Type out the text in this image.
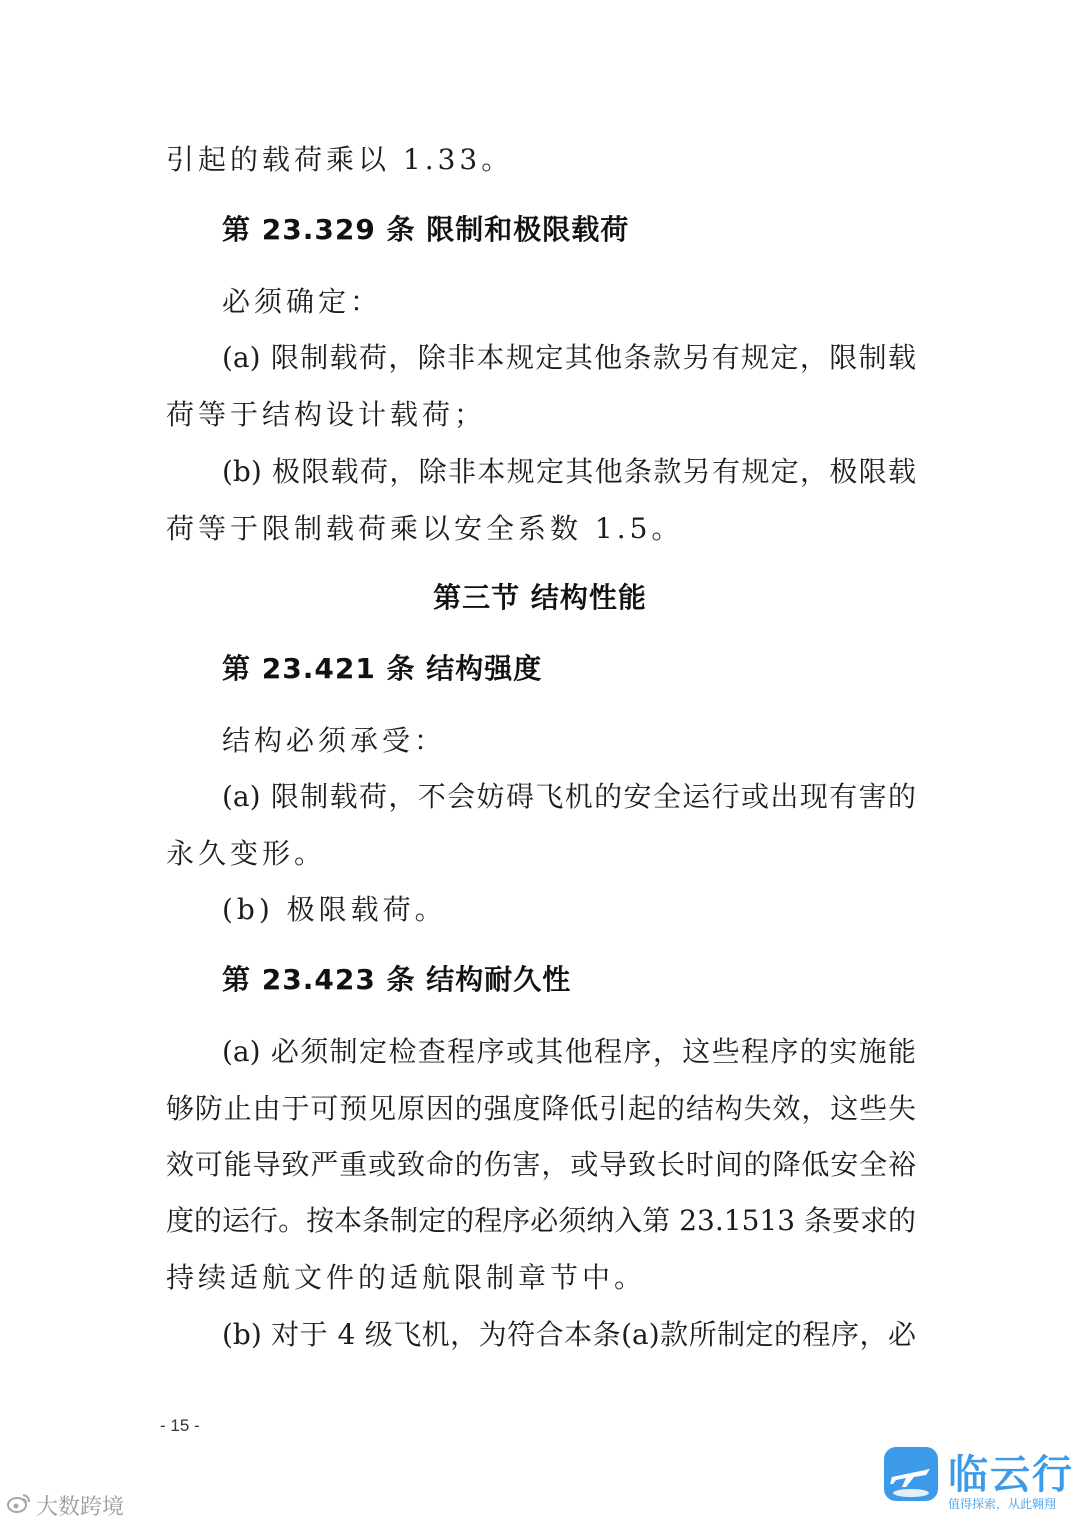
引起的载荷乘以 1.33。
第 23.329 条 限制和极限载荷
必须确定：
(a) 限制载荷，除非本规定其他条款另有规定，限制载
荷等于结构设计载荷；
(b) 极限载荷，除非本规定其他条款另有规定，极限载
荷等于限制载荷乘以安全系数 1.5。
第三节 结构性能
第 23.421 条 结构强度
结构必须承受：
(a) 限制载荷，不会妨碍飞机的安全运行或出现有害的
永久变形。
(b) 极限载荷。
第 23.423 条 结构耐久性
(a) 必须制定检查程序或其他程序，这些程序的实施能
够防止由于可预见原因的强度降低引起的结构失效，这些失
效可能导致严重或致命的伤害，或导致长时间的降低安全裕
度的运行。按本条制定的程序必须纳入第 23.1513 条要求的
持续适航文件的适航限制章节中。
(b) 对于 4 级飞机，为符合本条(a)款所制定的程序，必
- 15 -
大数跨境
临云行
值得探索，从此翱翔
